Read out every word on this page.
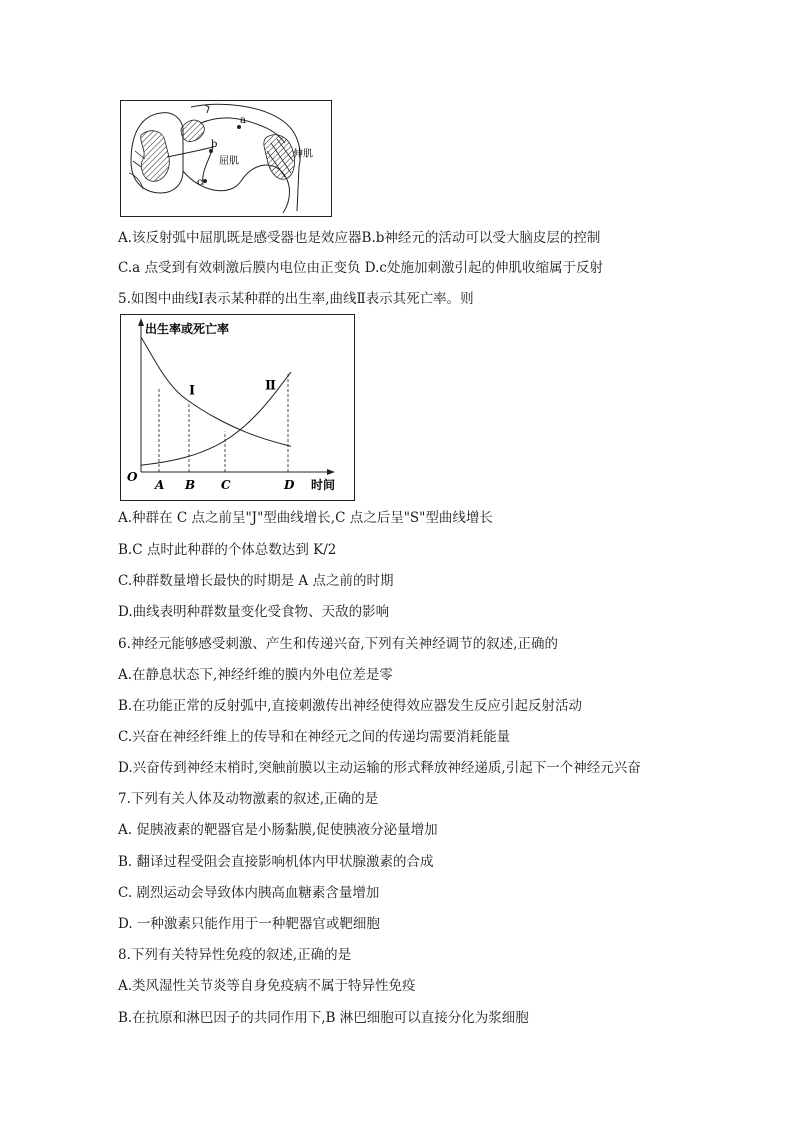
a
b
c
屈肌
伸肌
A.该反射弧中屈肌既是感受器也是效应器B.b神经元的活动可以受大脑皮层的控制
C.a 点受到有效刺激后膜内电位由正变负 D.c处施加刺激引起的伸肌收缩属于反射
5.如图中曲线Ⅰ表示某种群的出生率,曲线Ⅱ表示其死亡率。则
出生率或死亡率
时间
O
Ⅰ	Ⅱ
A B C	D
A.种群在 C 点之前呈"J"型曲线增长,C 点之后呈"S"型曲线增长
B.C 点时此种群的个体总数达到 K/2
C.种群数量增长最快的时期是 A 点之前的时期
D.曲线表明种群数量变化受食物、天敌的影响
6.神经元能够感受刺激、产生和传递兴奋,下列有关神经调节的叙述,正确的
A.在静息状态下,神经纤维的膜内外电位差是零
B.在功能正常的反射弧中,直接刺激传出神经使得效应器发生反应引起反射活动
C.兴奋在神经纤维上的传导和在神经元之间的传递均需要消耗能量
D.兴奋传到神经末梢时,突触前膜以主动运输的形式释放神经递质,引起下一个神经元兴奋
7.下列有关人体及动物激素的叙述,正确的是
A. 促胰液素的靶器官是小肠黏膜,促使胰液分泌量增加
B. 翻译过程受阻会直接影响机体内甲状腺激素的合成
C. 剧烈运动会导致体内胰高血糖素含量增加
D. 一种激素只能作用于一种靶器官或靶细胞
8.下列有关特异性免疫的叙述,正确的是
A.类风湿性关节炎等自身免疫病不属于特异性免疫
B.在抗原和淋巴因子的共同作用下,B 淋巴细胞可以直接分化为浆细胞
